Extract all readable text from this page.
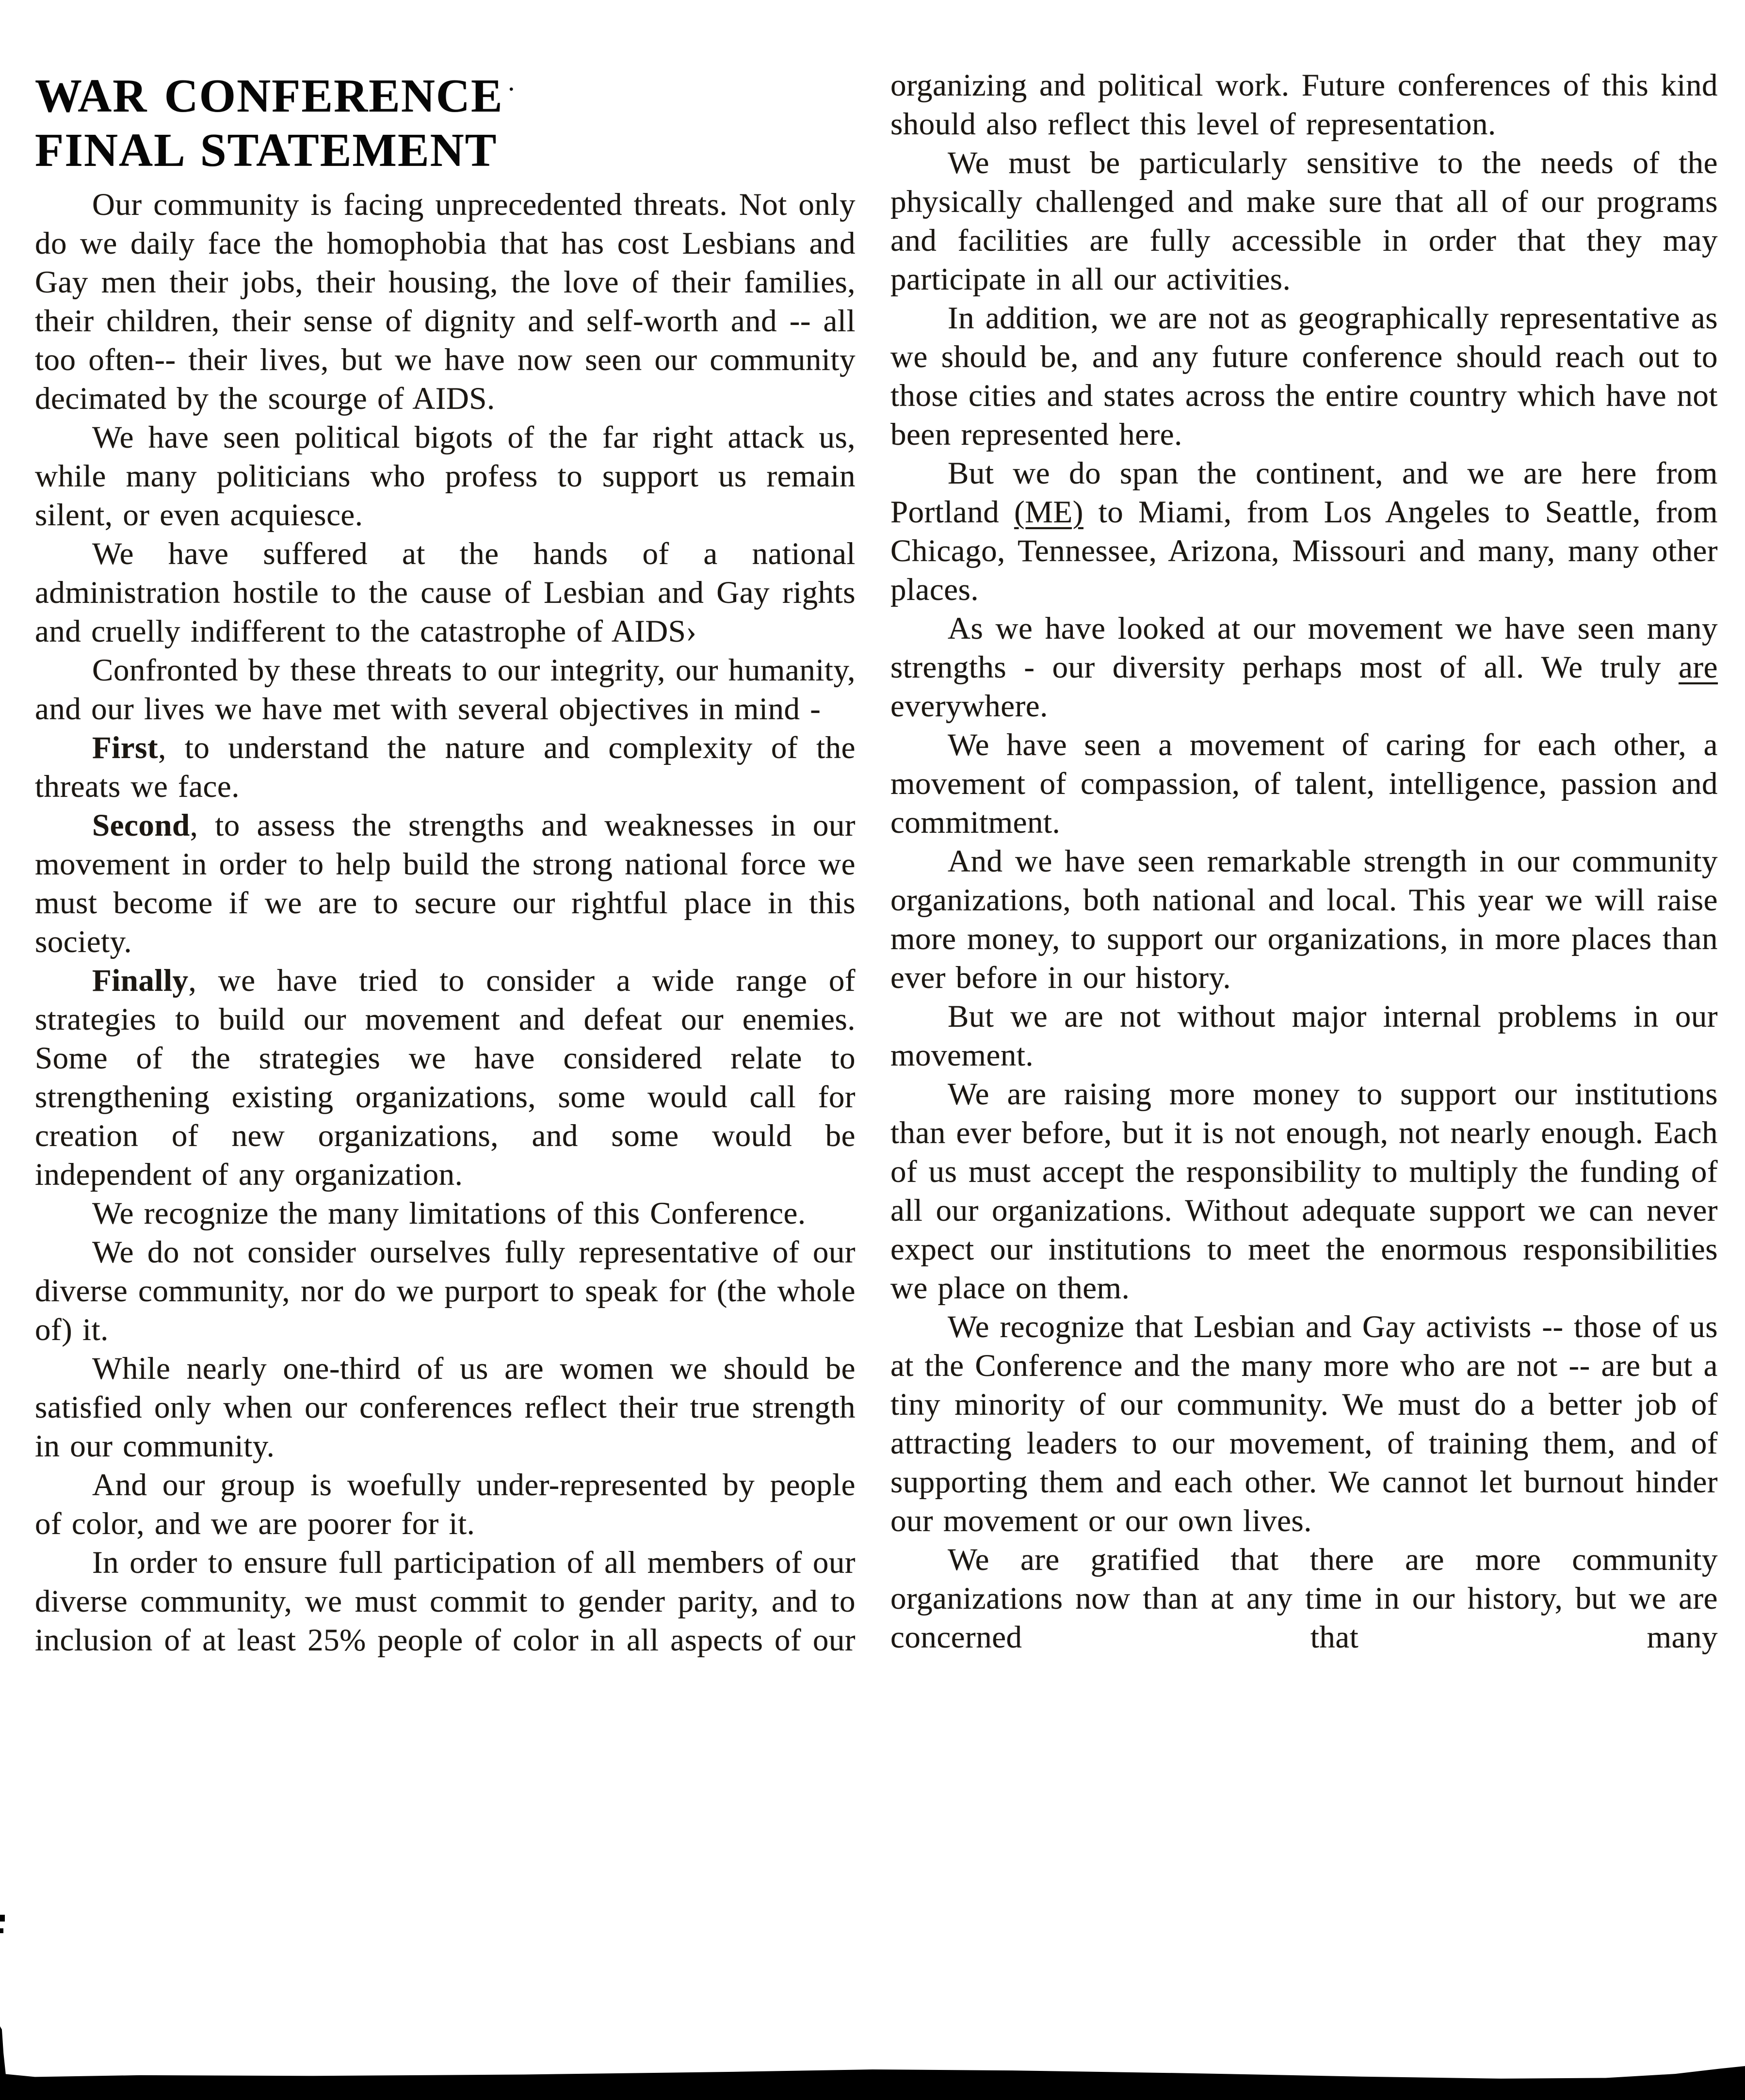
WAR CONFERENCE ·
FINAL STATEMENT

Our community is facing unprecedented threats. Not only do we daily face the homophobia that has cost Lesbians and Gay men their jobs, their housing, the love of their families, their children, their sense of dignity and self-worth and -- all too often-- their lives, but we have now seen our community decimated by the scourge of AIDS.

We have seen political bigots of the far right attack us, while many politicians who profess to support us remain silent, or even acquiesce.

We have suffered at the hands of a national administration hostile to the cause of Lesbian and Gay rights and cruelly indifferent to the catastrophe of AIDS›

Confronted by these threats to our integrity, our humanity, and our lives we have met with several objectives in mind -

First, to understand the nature and complexity of the threats we face.

Second, to assess the strengths and weaknesses in our movement in order to help build the strong national force we must become if we are to secure our rightful place in this society.

Finally, we have tried to consider a wide range of strategies to build our movement and defeat our enemies. Some of the strategies we have considered relate to strengthening existing organizations, some would call for creation of new organizations, and some would be independent of any organization.

We recognize the many limitations of this Conference.

We do not consider ourselves fully representative of our diverse community, nor do we purport to speak for (the whole of) it.

While nearly one-third of us are women we should be satisfied only when our conferences reflect their true strength in our community.

And our group is woefully under-represented by people of color, and we are poorer for it.

In order to ensure full participation of all members of our diverse community, we must commit to gender parity, and to inclusion of at least 25% people of color in all aspects of our

organizing and political work. Future conferences of this kind should also reflect this level of representation.

We must be particularly sensitive to the needs of the physically challenged and make sure that all of our programs and facilities are fully accessible in order that they may participate in all our activities.

In addition, we are not as geographically representative as we should be, and any future conference should reach out to those cities and states across the entire country which have not been represented here.

But we do span the continent, and we are here from Portland (ME) to Miami, from Los Angeles to Seattle, from Chicago, Tennessee, Arizona, Missouri and many, many other places.

As we have looked at our movement we have seen many strengths - our diversity perhaps most of all. We truly are everywhere.

We have seen a movement of caring for each other, a movement of compassion, of talent, intelligence, passion and commitment.

And we have seen remarkable strength in our community organizations, both national and local. This year we will raise more money, to support our organizations, in more places than ever before in our history.

But we are not without major internal problems in our movement.

We are raising more money to support our institutions than ever before, but it is not enough, not nearly enough. Each of us must accept the responsibility to multiply the funding of all our organizations. Without adequate support we can never expect our institutions to meet the enormous responsibilities we place on them.

We recognize that Lesbian and Gay activists -- those of us at the Conference and the many more who are not -- are but a tiny minority of our community. We must do a better job of attracting leaders to our movement, of training them, and of supporting them and each other. We cannot let burnout hinder our movement or our own lives.

We are gratified that there are more community organizations now than at any time in our history, but we are concerned that many
